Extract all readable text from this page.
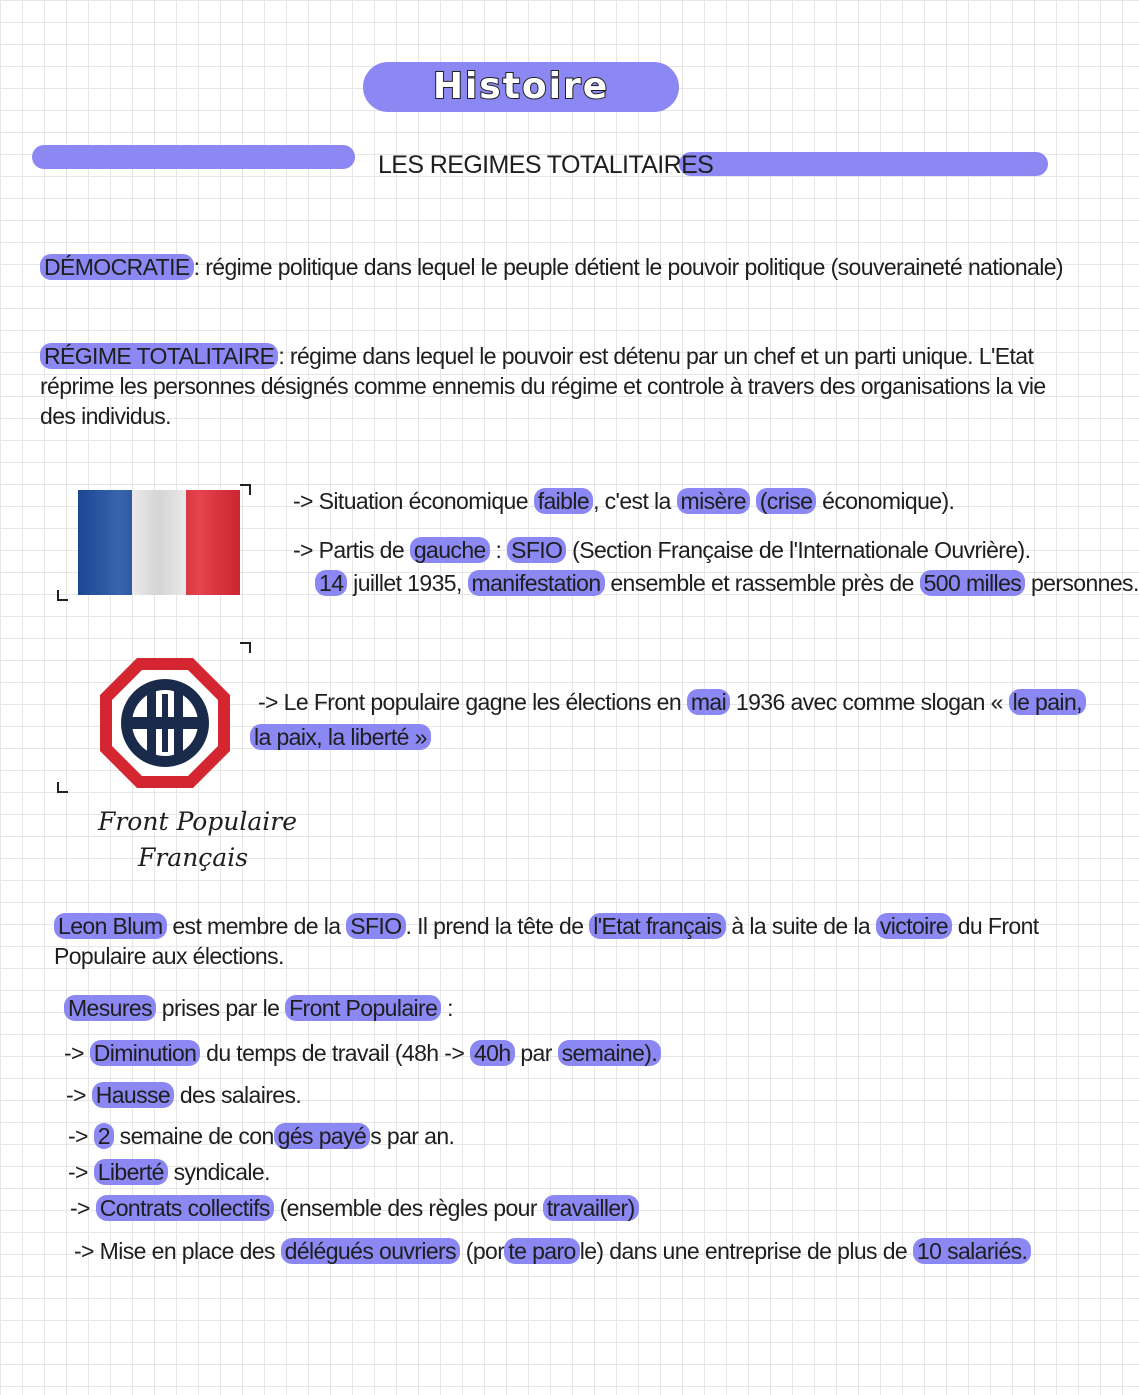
Histoire
LES REGIMES TOTALITAIRES
DÉMOCRATIE : régime politique dans lequel le peuple détient le pouvoir politique (souveraineté nationale)
RÉGIME TOTALITAIRE : régime dans lequel le pouvoir est détenu par un chef et un parti unique. L'Etat
réprime les personnes désignés comme ennemis du régime et controle à travers des organisations la vie
des individus.
-> Situation économique faible , c'est la misère (crise économique).
-> Partis de gauche : SFIO (Section Française de l'Internationale Ouvrière).
14 juillet 1935, manifestation ensemble et rassemble près de 500 milles personnes.
Front Populaire
Français
-> Le Front populaire gagne les élections en mai 1936 avec comme slogan « le pain,
la paix, la liberté »
Leon Blum est membre de la SFIO . Il prend la tête de l'Etat français à la suite de la victoire du Front
Populaire aux élections.
Mesures prises par le Front Populaire :
-> Diminution du temps de travail (48h -> 40h par semaine).
-> Hausse des salaires.
-> 2 semaine de con gés payé s par an.
-> Liberté syndicale.
-> Contrats collectifs (ensemble des règles pour travailler)
-> Mise en place des délégués ouvriers (por te paro le) dans une entreprise de plus de 10 salariés.
